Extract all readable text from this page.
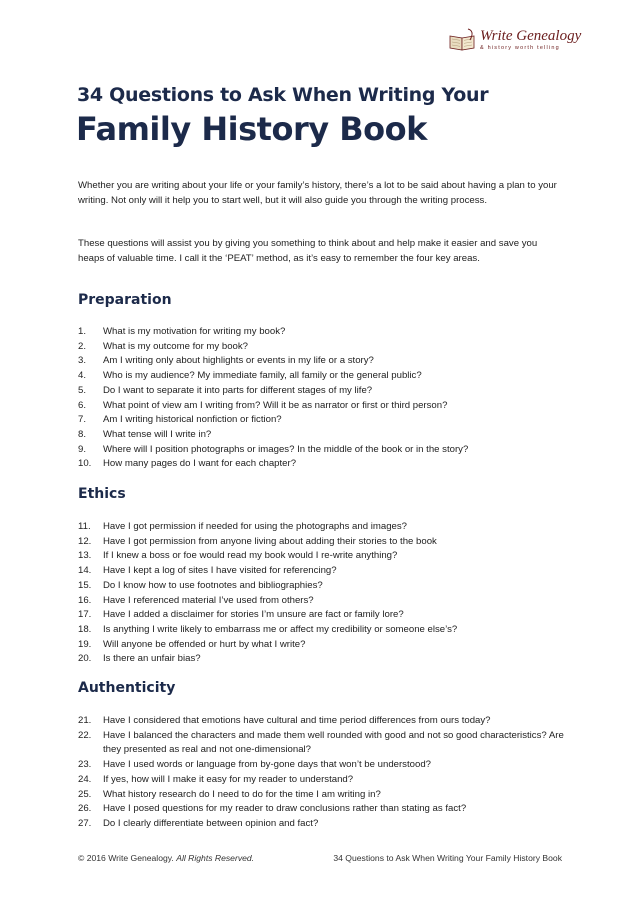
Write Genealogy
& history worth telling
34 Questions to Ask When Writing Your
Family History Book

Whether you are writing about your life or your family’s history, there’s a lot to be said about having a plan to your writing. Not only will it help you to start well, but it will also guide you through the writing process.

These questions will assist you by giving you something to think about and help make it easier and save you heaps of valuable time. I call it the ‘PEAT’ method, as it’s easy to remember the four key areas.

Preparation
1. What is my motivation for writing my book?
2. What is my outcome for my book?
3. Am I writing only about highlights or events in my life or a story?
4. Who is my audience? My immediate family, all family or the general public?
5. Do I want to separate it into parts for different stages of my life?
6. What point of view am I writing from? Will it be as narrator or first or third person?
7. Am I writing historical nonfiction or fiction?
8. What tense will I write in?
9. Where will I position photographs or images? In the middle of the book or in the story?
10. How many pages do I want for each chapter?
Ethics
11. Have I got permission if needed for using the photographs and images?
12. Have I got permission from anyone living about adding their stories to the book
13. If I knew a boss or foe would read my book would I re-write anything?
14. Have I kept a log of sites I have visited for referencing?
15. Do I know how to use footnotes and bibliographies?
16. Have I referenced material I’ve used from others?
17. Have I added a disclaimer for stories I’m unsure are fact or family lore?
18. Is anything I write likely to embarrass me or affect my credibility or someone else’s?
19. Will anyone be offended or hurt by what I write?
20. Is there an unfair bias?
Authenticity
21. Have I considered that emotions have cultural and time period differences from ours today?
22. Have I balanced the characters and made them well rounded with good and not so good characteristics? Are they presented as real and not one-dimensional?
23. Have I used words or language from by-gone days that won’t be understood?
24. If yes, how will I make it easy for my reader to understand?
25. What history research do I need to do for the time I am writing in?
26. Have I posed questions for my reader to draw conclusions rather than stating as fact?
27. Do I clearly differentiate between opinion and fact?
© 2016 Write Genealogy. All Rights Reserved.	34 Questions to Ask When Writing Your Family History Book
